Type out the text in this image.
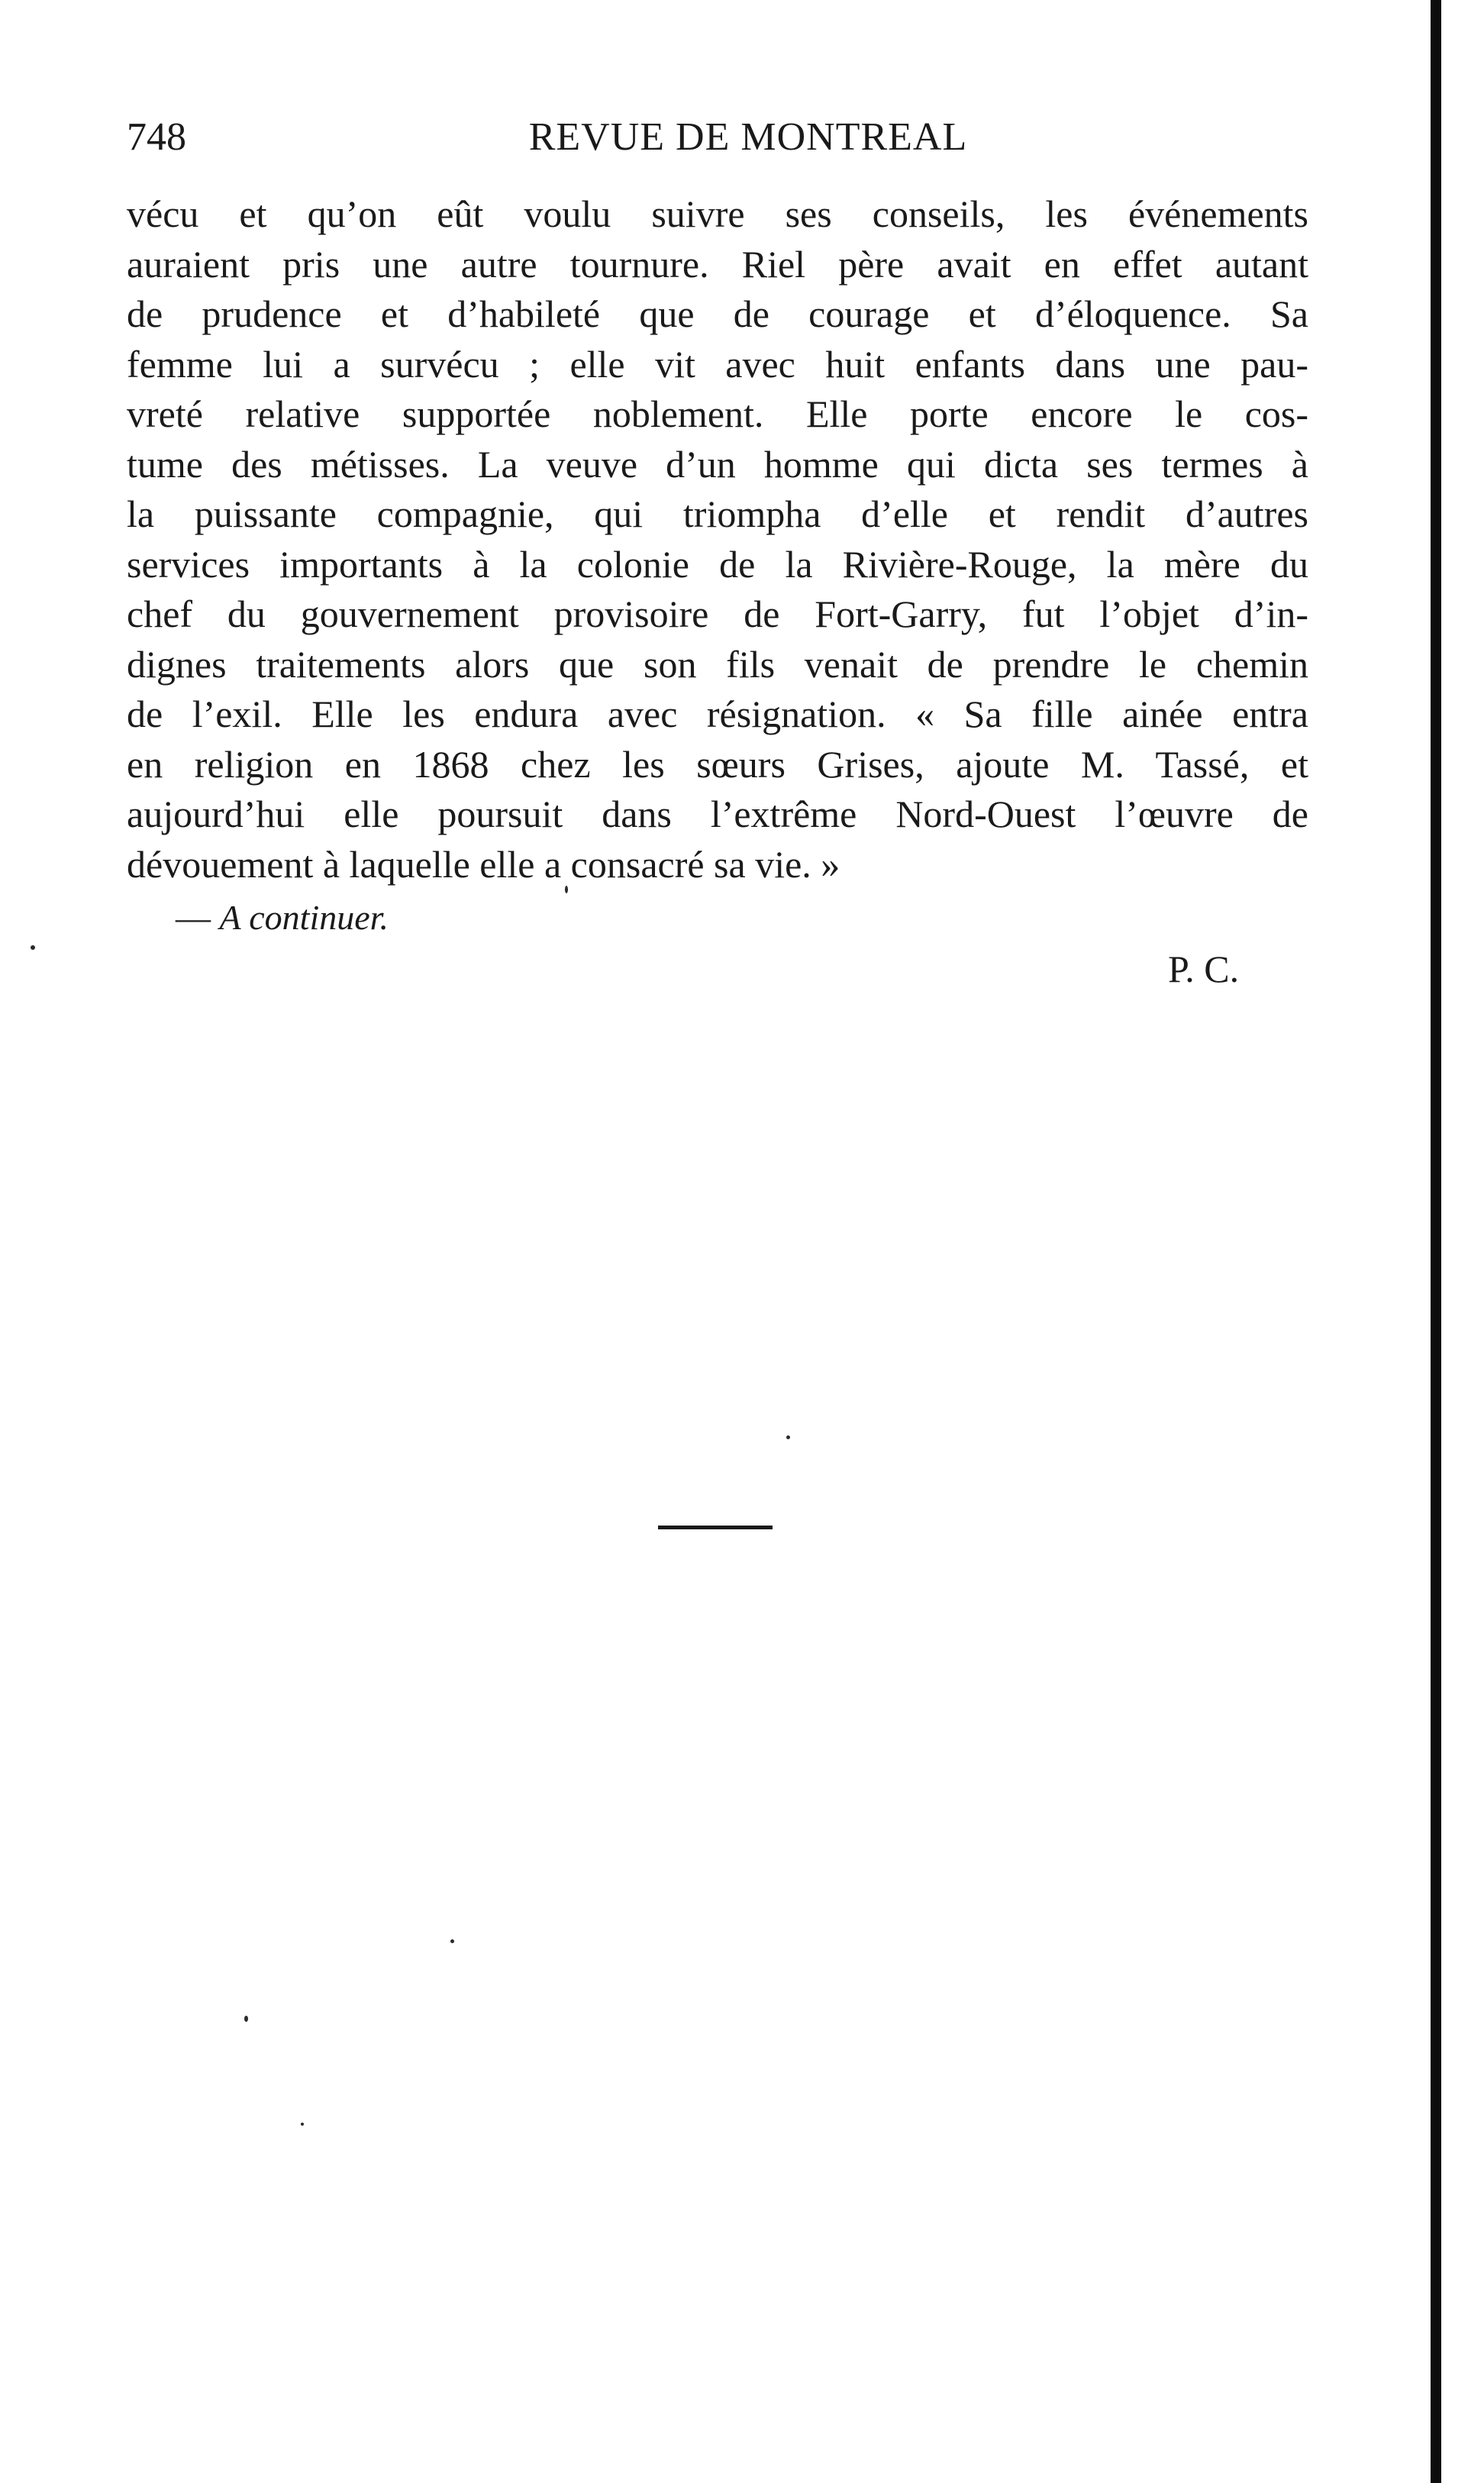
748	REVUE DE MONTREAL
vécu et qu’on eût voulu suivre ses conseils, les événements
auraient pris une autre tournure. Riel père avait en effet autant
de prudence et d’habileté que de courage et d’éloquence. Sa
femme lui a survécu ; elle vit avec huit enfants dans une pau-
vreté relative supportée noblement. Elle porte encore le cos-
tume des métisses. La veuve d’un homme qui dicta ses termes à
la puissante compagnie, qui triompha d’elle et rendit d’autres
services importants à la colonie de la Rivière-Rouge, la mère du
chef du gouvernement provisoire de Fort-Garry, fut l’objet d’in-
dignes traitements alors que son fils venait de prendre le chemin
de l’exil. Elle les endura avec résignation. « Sa fille ainée entra
en religion en 1868 chez les sœurs Grises, ajoute M. Tassé, et
aujourd’hui elle poursuit dans l’extrême Nord-Ouest l’œuvre de
dévouement à laquelle elle a consacré sa vie. »
— A continuer.
P. C.
